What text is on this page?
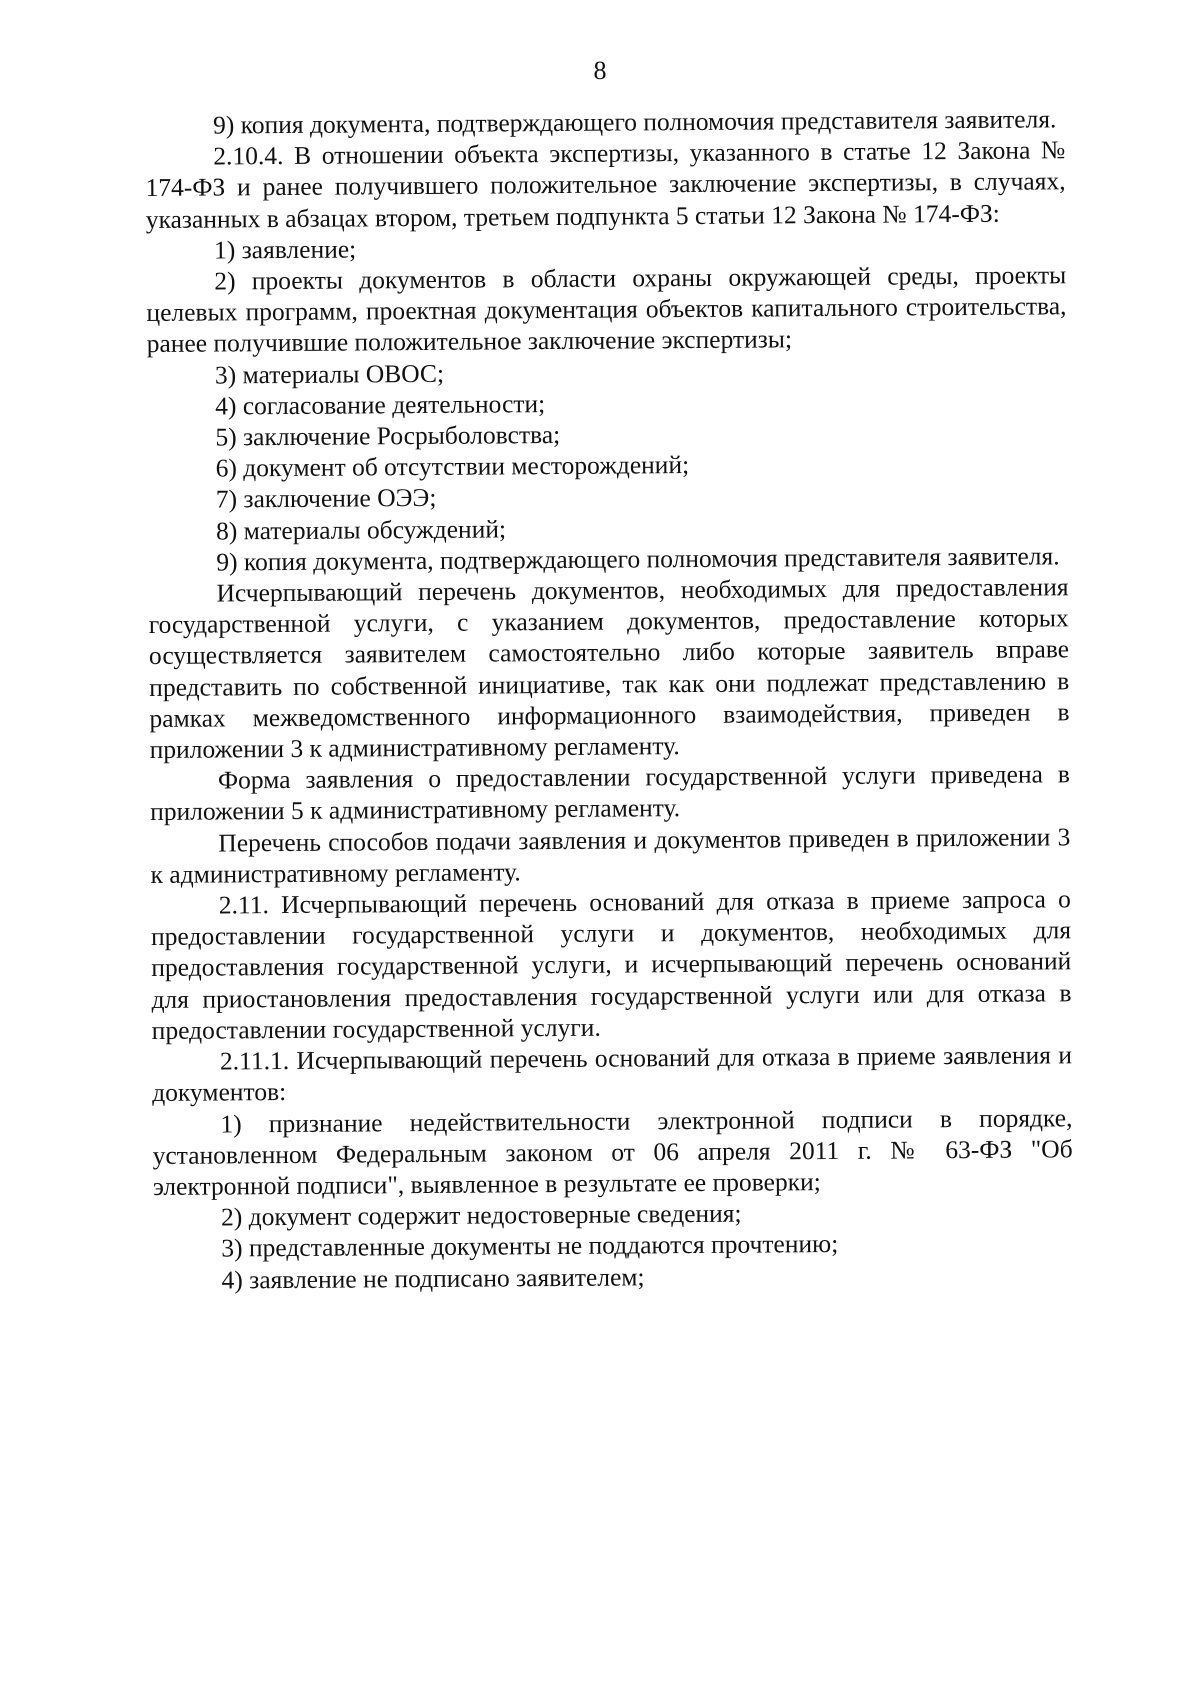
8

9) копия документа, подтверждающего полномочия представителя заявителя.

2.10.4. В отношении объекта экспертизы, указанного в статье 12 Закона № 174-ФЗ и ранее получившего положительное заключение экспертизы, в случаях, указанных в абзацах втором, третьем подпункта 5 статьи 12 Закона № 174-ФЗ:

1) заявление;

2) проекты документов в области охраны окружающей среды, проекты целевых программ, проектная документация объектов капитального строительства, ранее получившие положительное заключение экспертизы;

3) материалы ОВОС;

4) согласование деятельности;

5) заключение Росрыболовства;

6) документ об отсутствии месторождений;

7) заключение ОЭЭ;

8) материалы обсуждений;

9) копия документа, подтверждающего полномочия представителя заявителя.

Исчерпывающий перечень документов, необходимых для предоставления государственной услуги, с указанием документов, предоставление которых осуществляется заявителем самостоятельно либо которые заявитель вправе представить по собственной инициативе, так как они подлежат представлению в рамках межведомственного информационного взаимодействия, приведен в приложении 3 к административному регламенту.

Форма заявления о предоставлении государственной услуги приведена в приложении 5 к административному регламенту.

Перечень способов подачи заявления и документов приведен в приложении 3 к административному регламенту.

2.11. Исчерпывающий перечень оснований для отказа в приеме запроса о предоставлении государственной услуги и документов, необходимых для предоставления государственной услуги, и исчерпывающий перечень оснований для приостановления предоставления государственной услуги или для отказа в предоставлении государственной услуги.

2.11.1. Исчерпывающий перечень оснований для отказа в приеме заявления и документов:

1) признание недействительности электронной подписи в порядке, установленном Федеральным законом от 06 апреля 2011 г. № 63-ФЗ "Об электронной подписи", выявленное в результате ее проверки;

2) документ содержит недостоверные сведения;

3) представленные документы не поддаются прочтению;

4) заявление не подписано заявителем;
